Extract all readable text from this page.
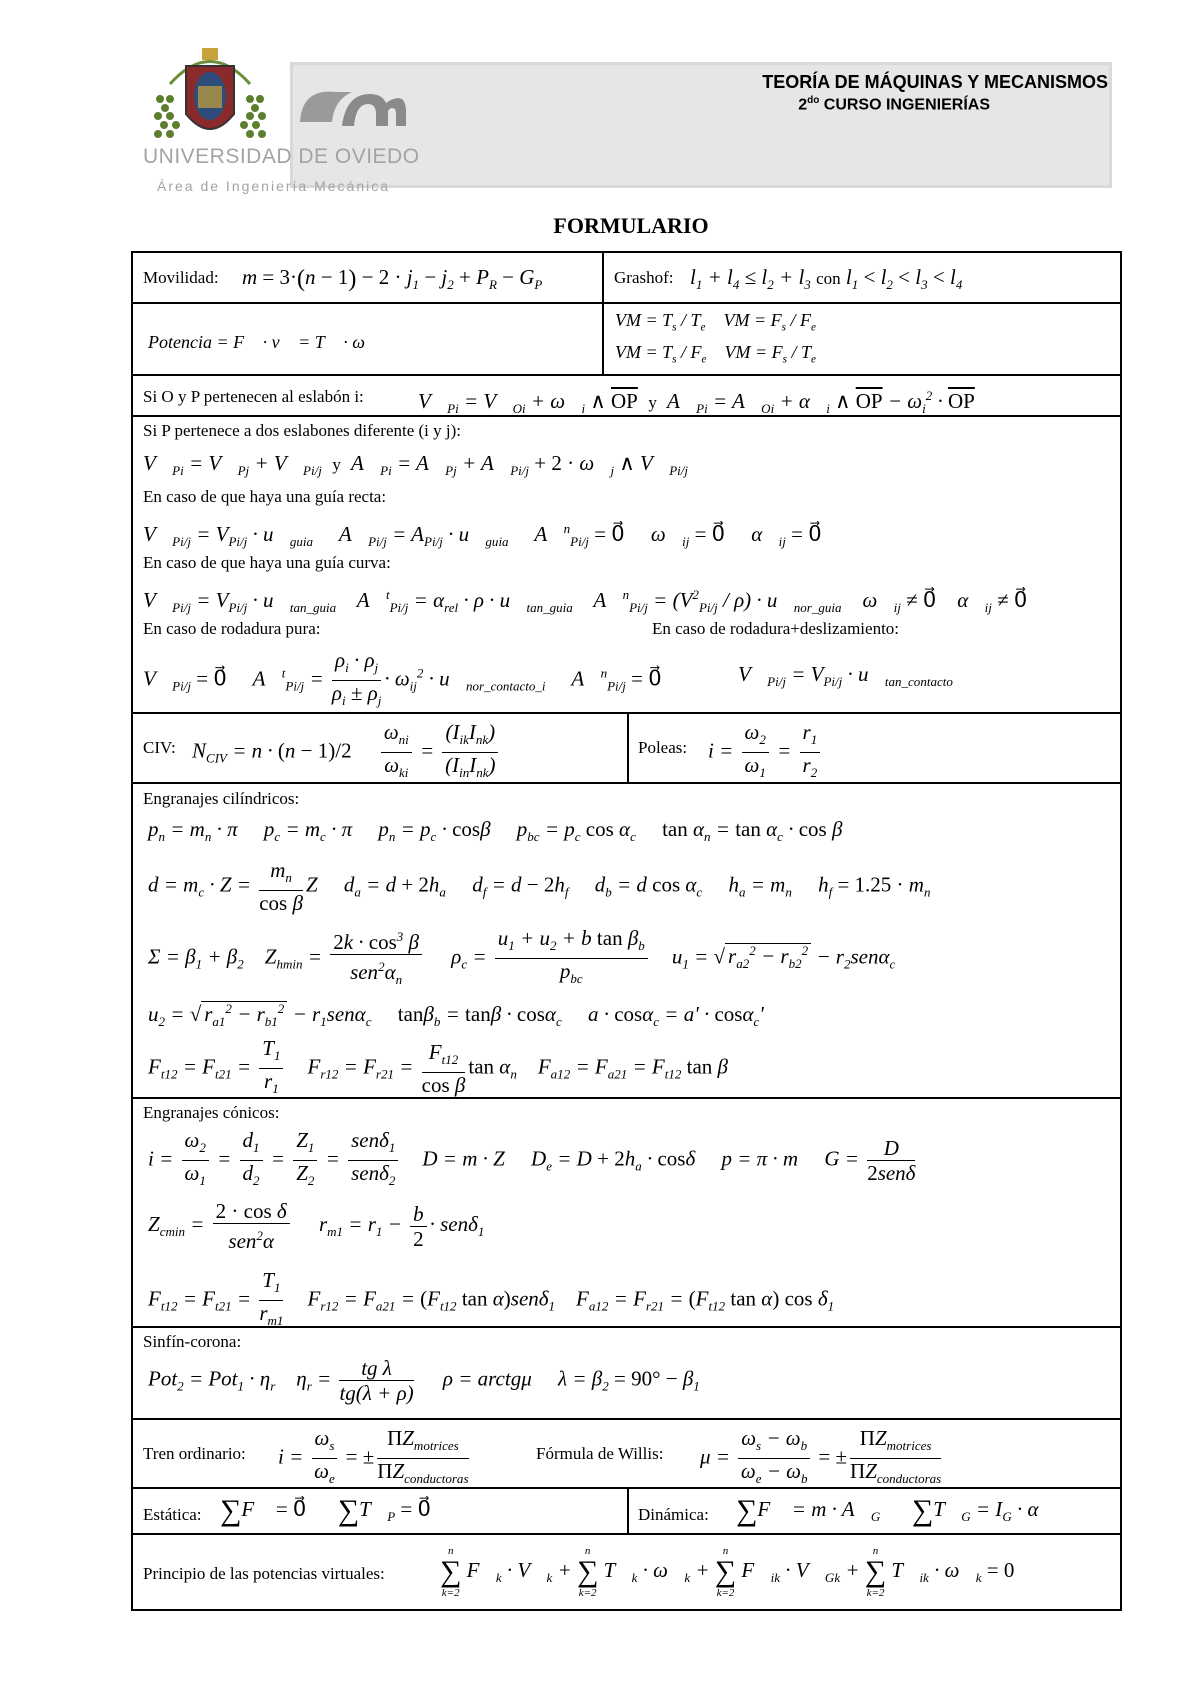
UNIVERSIDAD DE OVIEDO
Área de Ingeniería Mecánica
TEORÍA DE MÁQUINAS Y MECANISMOS
$2^{do}$ CURSO INGENIERÍAS
FORMULARIO
Movilidad: $m = 3\cdot(n - 1) - 2 \cdot j_1 - j_2 + P_R - G_P$	Grashof: $l_1 + l_4 \le l_2 + l_3$ con $l_1 < l_2 < l_3 < l_4$
Potencia = F⃗ · v⃗ = T⃗ · ω⃗
VM = $T_s / T_e$    VM = $F_s / F_e$
VM = $T_s / F_e$    VM = $F_s / T_e$
Si O y P pertenecen al eslabón i:	$V⃗_{Pi}$ = $V⃗_{Oi}$ + $\omega⃗_i$ ∧ $\overline{OP}$ y  $A⃗_{Pi}$ = $A⃗_{Oi}$ + $\alpha⃗_i$ ∧ $\overline{OP} - \omega_i^2 \cdot \overline{OP}$
Si P pertenece a dos eslabones diferente (i y j):
$V⃗_{Pi}$ = $V⃗_{Pj}$ + $V⃗_{Pi/j}$ y  $A⃗_{Pi}$ = $A⃗_{Pj}$ + $A⃗_{Pi/j} + 2$ · $\omega⃗_j$ ∧ $V⃗_{Pi/j}$
En caso de que haya una guía recta:
$V⃗_{Pi/j} = V_{Pi/j}$ · $u⃗_{guia}$     $A⃗_{Pi/j} = A_{Pi/j}$ · $u⃗_{guia}$     A⃗$^n_{Pi/j}$ = 0⃗     $\omega⃗_{ij}$ = 0⃗     $\alpha⃗_{ij}$ = 0⃗
En caso de que haya una guía curva:
$V⃗_{Pi/j} = V_{Pi/j}$ · $u⃗_{tan\_guia}$    A⃗$^t_{Pi/j}$ = $\alpha_{rel} \cdot \rho$ · $u⃗_{tan\_guia}$    A⃗$^n_{Pi/j}$ = $(V^2_{Pi/j} / \rho)$ · $u⃗_{nor\_guia}$    $\omega⃗_{ij}$ ≠ 0⃗    $\alpha⃗_{ij}$ ≠ 0⃗
En caso de rodadura pura:	En caso de rodadura+deslizamiento:
$V⃗_{Pi/j}$ = 0⃗     A⃗$^t_{Pi/j}$ = $\frac{\rho_i \cdot \rho_j}{\rho_i \pm \rho_j} \cdot \omega_{ij}^2$ · $u⃗_{nor\_contacto\_i}$     A⃗$^n_{Pi/j}$ = 0⃗	$V⃗_{Pi/j} = V_{Pi/j}$ · $u⃗_{tan\_contacto}$
CIV: $N_{CIV} = n \cdot (n - 1)/2 \frac{\omega_{ni}}{\omega_{ki}} = \frac{(I_{ik}I_{nk})}{(I_{in}I_{nk})}$	Poleas: $i = \frac{\omega_2}{\omega_1} = \frac{r_1}{r_2}$
Engranajes cilíndricos:
$p_n = m_n \cdot \pi$     $p_c = m_c \cdot \pi$     $p_n = p_c \cdot \cos\beta$     $p_{bc} = p_c$ $\cos \alpha_c$ $\tan \alpha_n = \tan \alpha_c \cdot \cos \beta$
$d = m_c \cdot Z = \frac{m_n}{\text{cos β}}$ Z     $d_a = d + 2h_a$     $d_f = d - 2h_f$     $d_b = d$ $\cos \alpha_c$     $h_a = m_n$     $h_f = 1.25 \cdot m_n$
$\Sigma = \beta_1 + \beta_2$    $Z_{hmin} = \frac{2k \cdot \cos^3 \beta}{sen^2\alpha_n} \rho_c = \frac{u_1 + u_2 + b \tan \beta_b}{p_{bc}} u_1$ = √ $r_{a2}^2 - r_{b2}^2 - r_2sen\alpha_c$
$u_2$ = √ $r_{a1}^2 - r_{b1}^2 - r_1sen\alpha_c$ tanβ$_b$ = tanβ · cosα$_c$     a · cosα$_c$ = a' · cosα$_c$'
$F_{t12} = F_{t21} = \frac{T_1}{r_1} F_{r12} = F_{r21} = \frac{F_{t12}}{\text{cos β}}$ $\tan \alpha_n$    $F_{a12} = F_{a21} = F_{t12}$ tan β
Engranajes cónicos:
$i = \frac{\omega_2}{\omega_1} = \frac{d_1}{d_2} = \frac{Z_1}{Z_2} = \frac{sen\delta_1}{sen\delta_2}$ D = m · Z     $D_e = D + 2h_a \cdot \cos\delta$     p = π · m     $G = \frac{D}{\text{2senδ}}$
$Z_{cmin} = \frac{\text{2 · cos δ}}{sen^2\alpha} r_{m1} = r_1 - \frac{b}{2} \cdot sen\delta_1$
$F_{t12} = F_{t21} = \frac{T_1}{r_{m1}} F_{r12} = F_{a21} = (F_{t12}$ tan α)senδ$_1$    $F_{a12} = F_{r21} = (F_{t12}$ tan α) $\cos \delta_1$
Sinfín-corona:
$Pot_2 = Pot_1 \cdot \eta_r$    $\eta_r = \frac{\text{tg λ}}{tg(\lambda + \rho)}$ ρ = arctgμ     $\lambda = \beta_2 = 90^\circ - \beta_1$
Tren ordinario: $i = \frac{\omega_s}{\omega_e}$ = ± $\frac{\Pi Z_{motrices}}{\Pi Z_{conductoras}}$	Fórmula de Willis: $\mu = \frac{\omega_s - \omega_b}{\omega_e - \omega_b}$ = ± $\frac{\Pi Z_{motrices}}{\Pi Z_{conductoras}}$
Estática: ∑F⃗ = 0⃗ $\sum T⃗_P$ = 0⃗	Dinámica: ∑F⃗ = $m \cdot A⃗_G$ $\sum T⃗_G = I_G$ · α⃗
Principio de las potencias virtuales:
n
∑
k=2
$F⃗_k$ · $V⃗_k$ +
n
∑
k=2
$T⃗_k$ · $\omega⃗_k$ +
n
∑
k=2
$F⃗_{ik}$ · $V⃗_{Gk}$ +
n
∑
k=2
$T⃗_{ik}$ · $\omega⃗_k = 0$
